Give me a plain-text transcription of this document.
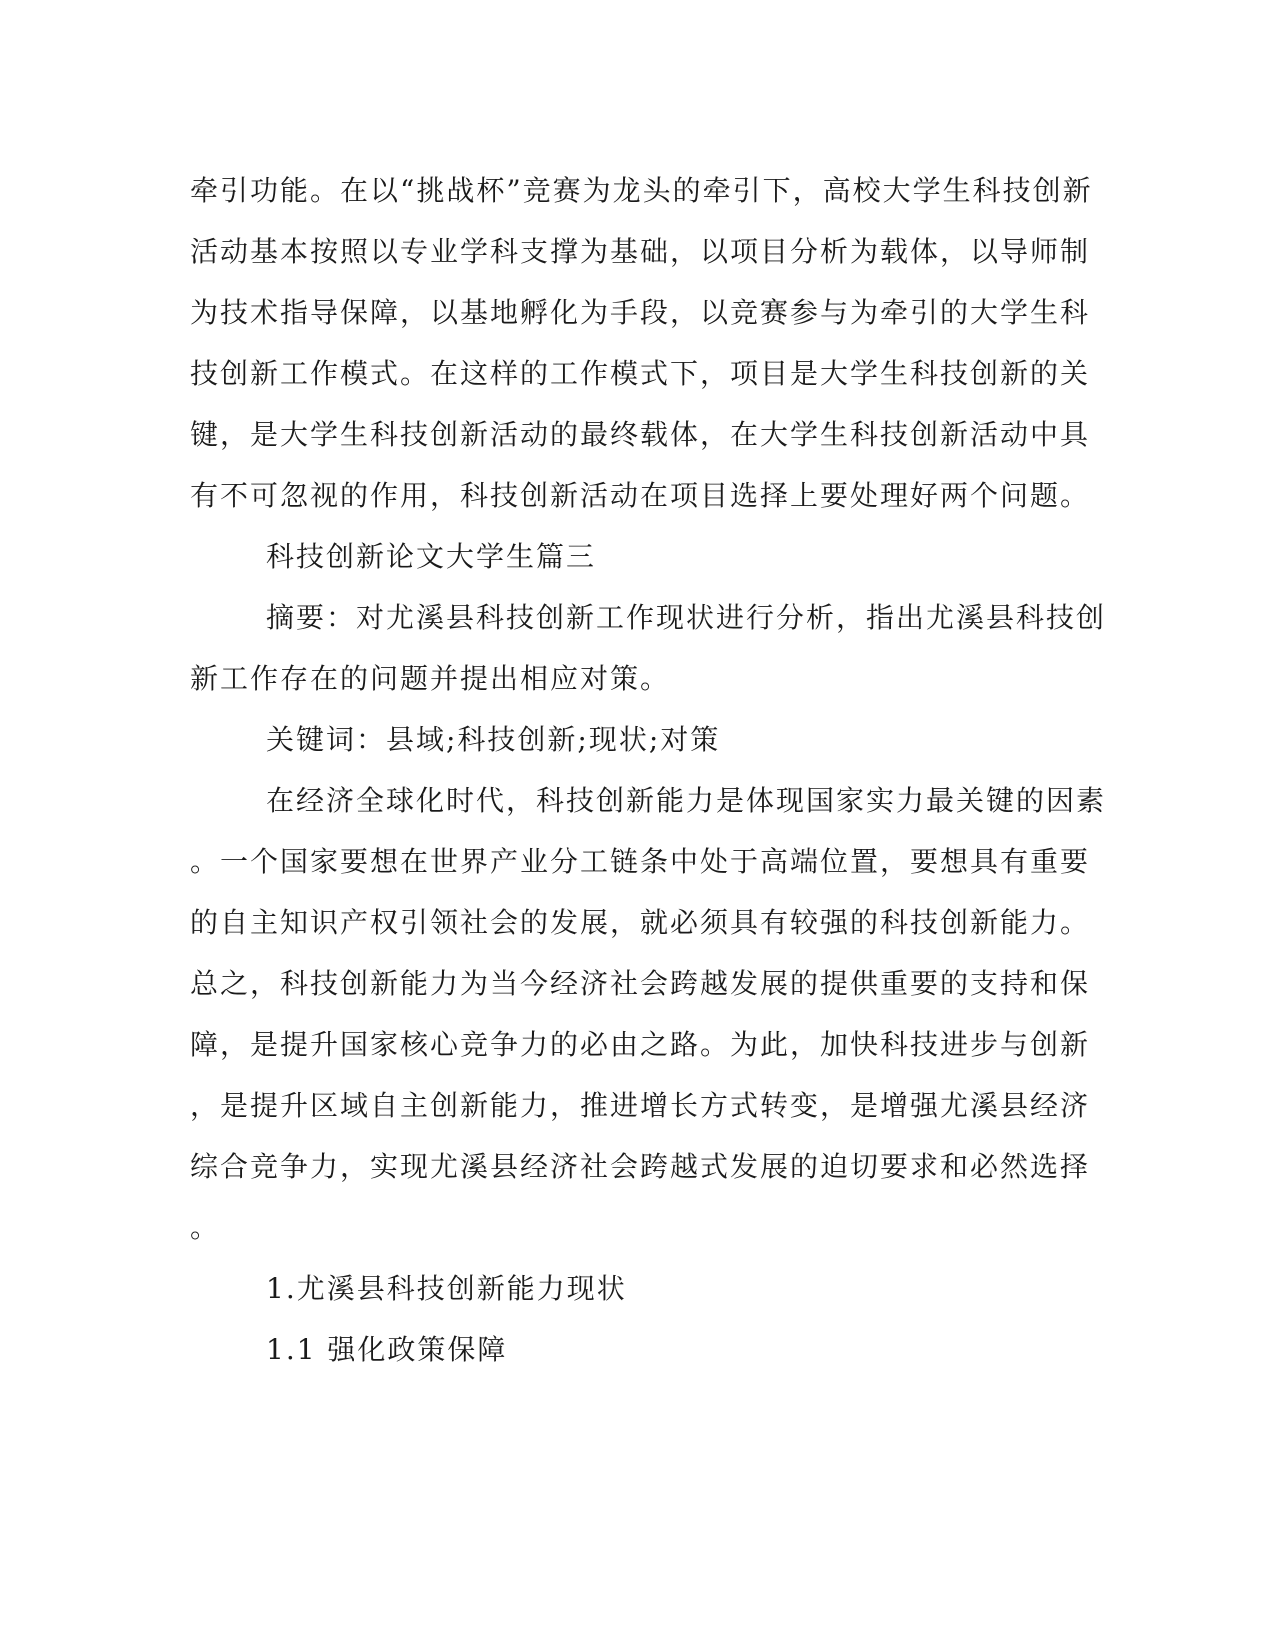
牵引功能。在以“挑战杯”竞赛为龙头的牵引下，高校大学生科技创新
活动基本按照以专业学科支撑为基础，以项目分析为载体，以导师制
为技术指导保障，以基地孵化为手段，以竞赛参与为牵引的大学生科
技创新工作模式。在这样的工作模式下，项目是大学生科技创新的关
键，是大学生科技创新活动的最终载体，在大学生科技创新活动中具
有不可忽视的作用，科技创新活动在项目选择上要处理好两个问题。

科技创新论文大学生篇三

摘要：对尤溪县科技创新工作现状进行分析，指出尤溪县科技创
新工作存在的问题并提出相应对策。

关键词：县域;科技创新;现状;对策

在经济全球化时代，科技创新能力是体现国家实力最关键的因素
。一个国家要想在世界产业分工链条中处于高端位置，要想具有重要
的自主知识产权引领社会的发展，就必须具有较强的科技创新能力。
总之，科技创新能力为当今经济社会跨越发展的提供重要的支持和保
障，是提升国家核心竞争力的必由之路。为此，加快科技进步与创新
，是提升区域自主创新能力，推进增长方式转变，是增强尤溪县经济
综合竞争力，实现尤溪县经济社会跨越式发展的迫切要求和必然选择
。

1.尤溪县科技创新能力现状

1.1 强化政策保障
